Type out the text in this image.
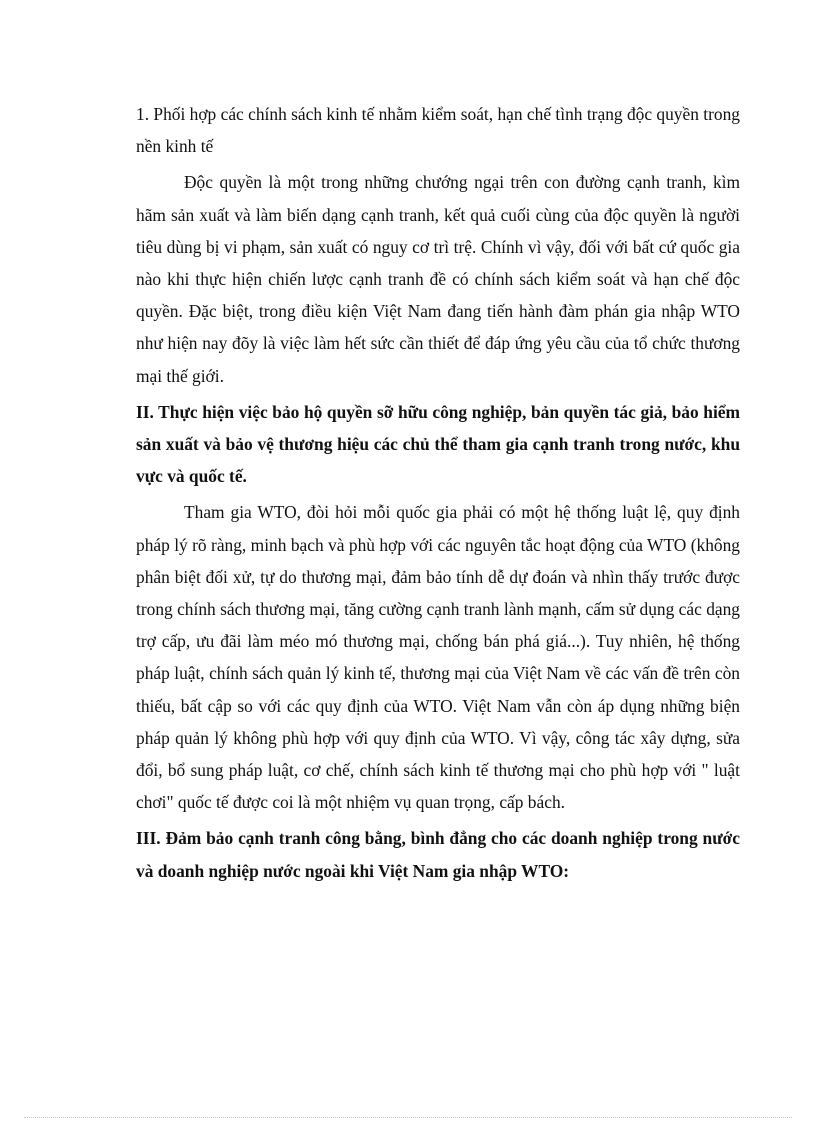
1. Phối hợp các chính sách kinh tế nhằm kiểm soát, hạn chế tình trạng độc quyền trong nền kinh tế

Độc quyền là một trong những chướng ngại trên con đường cạnh tranh, kìm hãm sản xuất và làm biến dạng cạnh tranh, kết quả cuối cùng của độc quyền là người tiêu dùng bị vi phạm, sản xuất có nguy cơ trì trệ. Chính vì vậy, đối với bất cứ quốc gia nào khi thực hiện chiến lược cạnh tranh đề có chính sách kiểm soát và hạn chế độc quyền. Đặc biệt, trong điều kiện Việt Nam đang tiến hành đàm phán gia nhập WTO như hiện nay đõy là việc làm hết sức cần thiết để đáp ứng yêu cầu của tổ chức thương mại thế giới.

II. Thực hiện việc bảo hộ quyền sỡ hữu công nghiệp, bản quyền tác giả, bảo hiểm sản xuất và bảo vệ thương hiệu các chủ thể tham gia cạnh tranh trong nước, khu vực và quốc tế.

Tham gia WTO, đòi hỏi mỗi quốc gia phải có một hệ thống luật lệ, quy định pháp lý rõ ràng, minh bạch và phù hợp với các nguyên tắc hoạt động của WTO (không phân biệt đối xử, tự do thương mại, đảm bảo tính dễ dự đoán và nhìn thấy trước được trong chính sách thương mại, tăng cường cạnh tranh lành mạnh, cấm sử dụng các dạng trợ cấp, ưu đãi làm méo mó thương mại, chống bán phá giá...). Tuy nhiên, hệ thống pháp luật, chính sách quản lý kinh tế, thương mại của Việt Nam về các vấn đề trên còn thiếu, bất cập so với các quy định của WTO. Việt Nam vẫn còn áp dụng những biện pháp quản lý không phù hợp với quy định của WTO. Vì vậy, công tác xây dựng, sửa đổi, bổ sung pháp luật, cơ chế, chính sách kinh tế thương mại cho phù hợp với " luật chơi" quốc tế được coi là một nhiệm vụ quan trọng, cấp bách.

III. Đảm bảo cạnh tranh công bằng, bình đẳng cho các doanh nghiệp trong nước và doanh nghiệp nước ngoài khi Việt Nam gia nhập WTO:
